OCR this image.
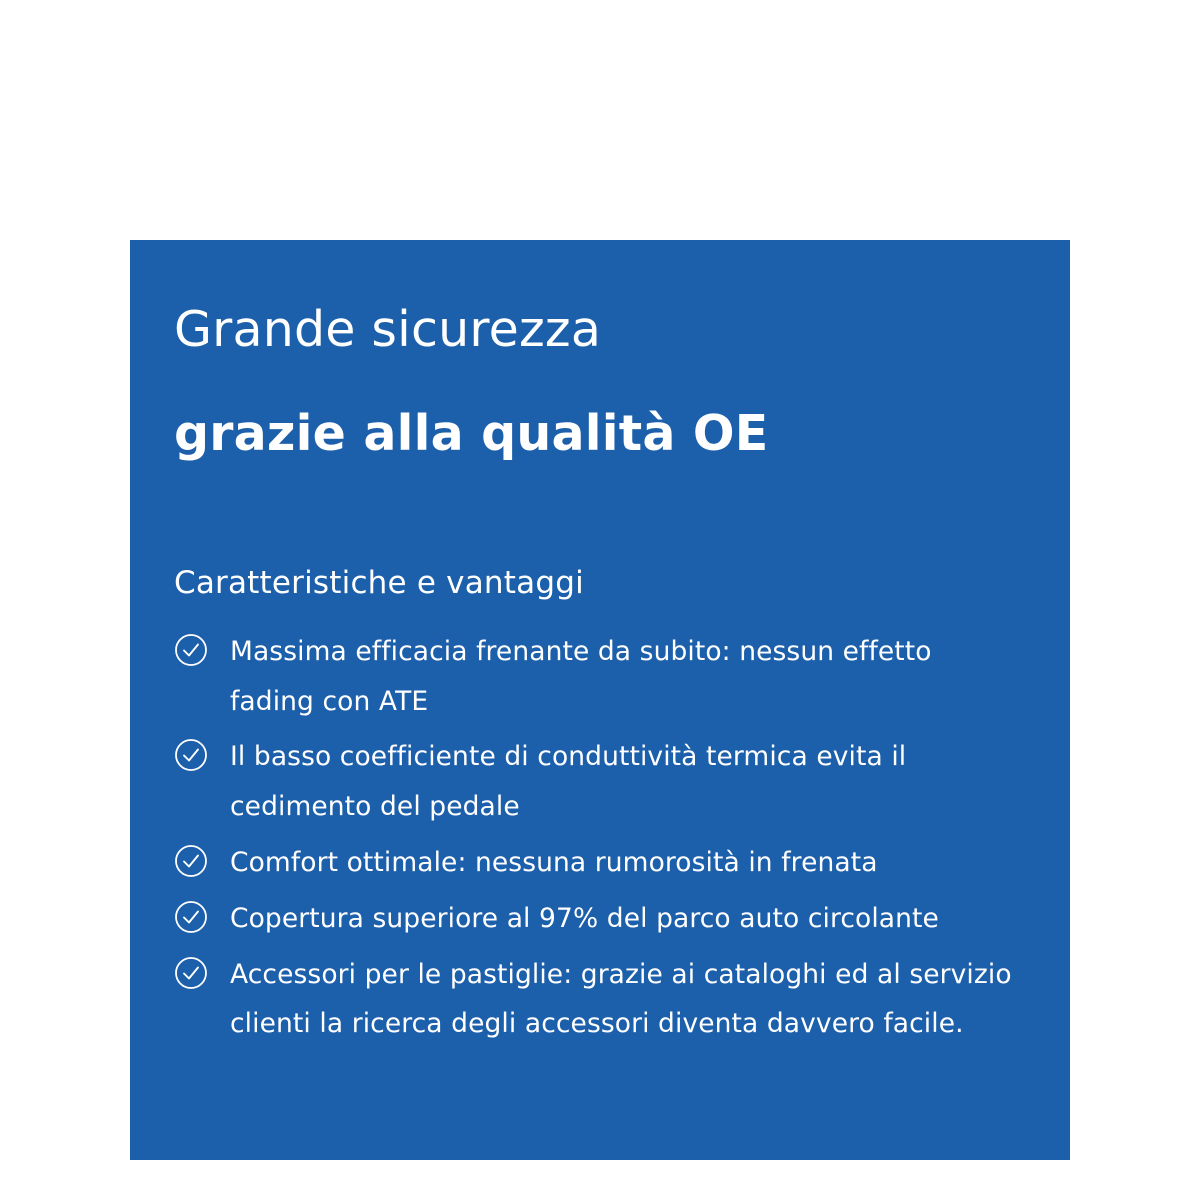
Grande sicurezza
grazie alla qualità OE
Caratteristiche e vantaggi
Massima efficacia frenante da subito: nessun effetto fading con ATE
Il basso coefficiente di conduttività termica evita il cedimento del pedale
Comfort ottimale: nessuna rumorosità in frenata
Copertura superiore al 97% del parco auto circolante
Accessori per le pastiglie: grazie ai cataloghi ed al servizio clienti la ricerca degli accessori diventa davvero facile.
